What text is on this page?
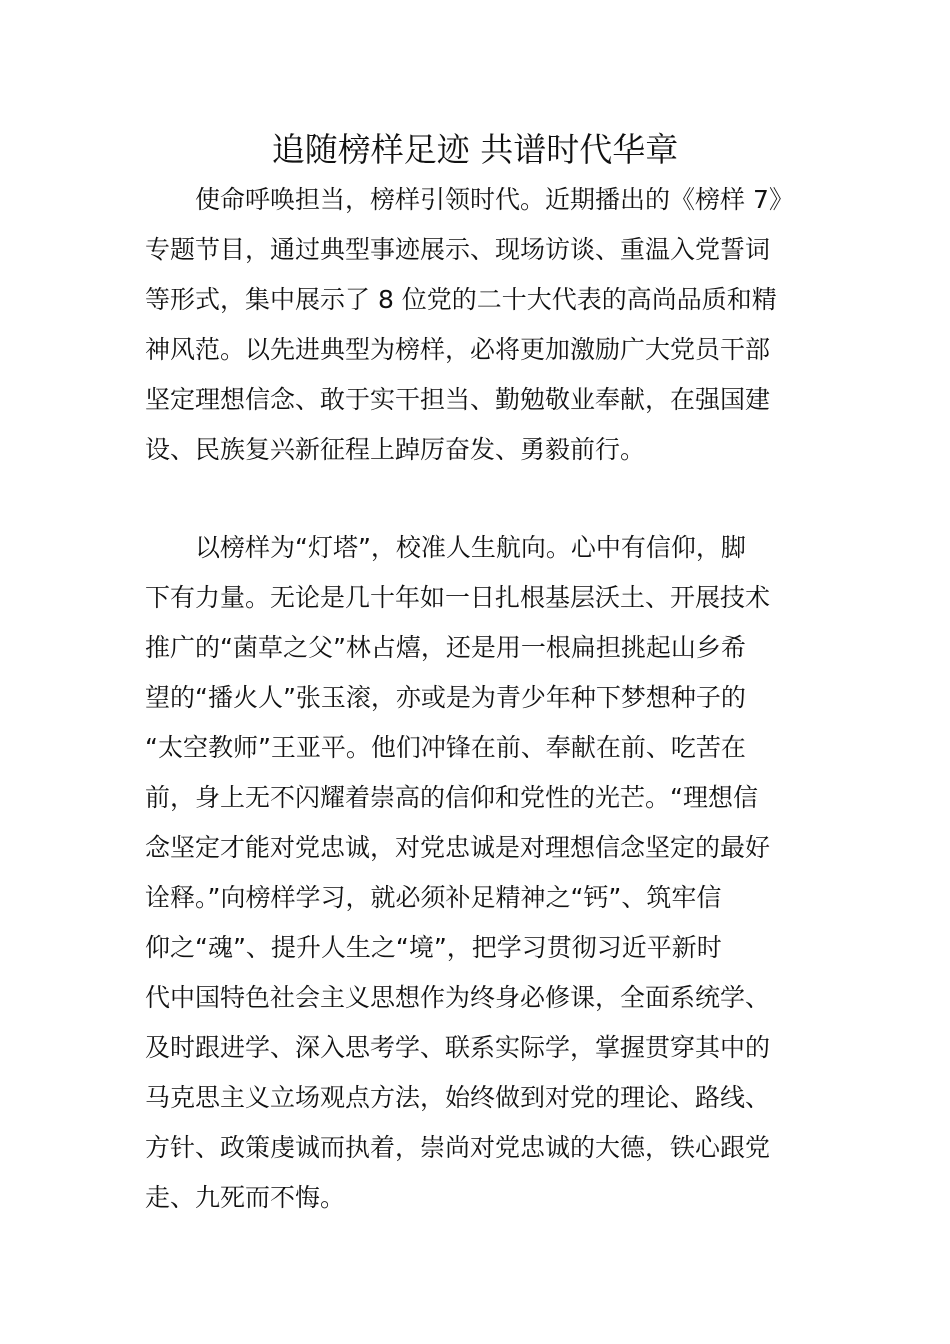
追随榜样足迹 共谱时代华章
　　使命呼唤担当，榜样引领时代。近期播出的《榜样 7》
专题节目，通过典型事迹展示、现场访谈、重温入党誓词
等形式，集中展示了 8 位党的二十大代表的高尚品质和精
神风范。以先进典型为榜样，必将更加激励广大党员干部
坚定理想信念、敢于实干担当、勤勉敬业奉献，在强国建
设、民族复兴新征程上踔厉奋发、勇毅前行。
　　以榜样为“灯塔”，校准人生航向。心中有信仰，脚
下有力量。无论是几十年如一日扎根基层沃土、开展技术
推广的“菌草之父”林占熺，还是用一根扁担挑起山乡希
望的“播火人”张玉滚，亦或是为青少年种下梦想种子的
“太空教师”王亚平。他们冲锋在前、奉献在前、吃苦在
前，身上无不闪耀着崇高的信仰和党性的光芒。“理想信
念坚定才能对党忠诚，对党忠诚是对理想信念坚定的最好
诠释。”向榜样学习，就必须补足精神之“钙”、筑牢信
仰之“魂”、提升人生之“境”，把学习贯彻习近平新时
代中国特色社会主义思想作为终身必修课，全面系统学、
及时跟进学、深入思考学、联系实际学，掌握贯穿其中的
马克思主义立场观点方法，始终做到对党的理论、路线、
方针、政策虔诚而执着，崇尚对党忠诚的大德，铁心跟党
走、九死而不悔。
